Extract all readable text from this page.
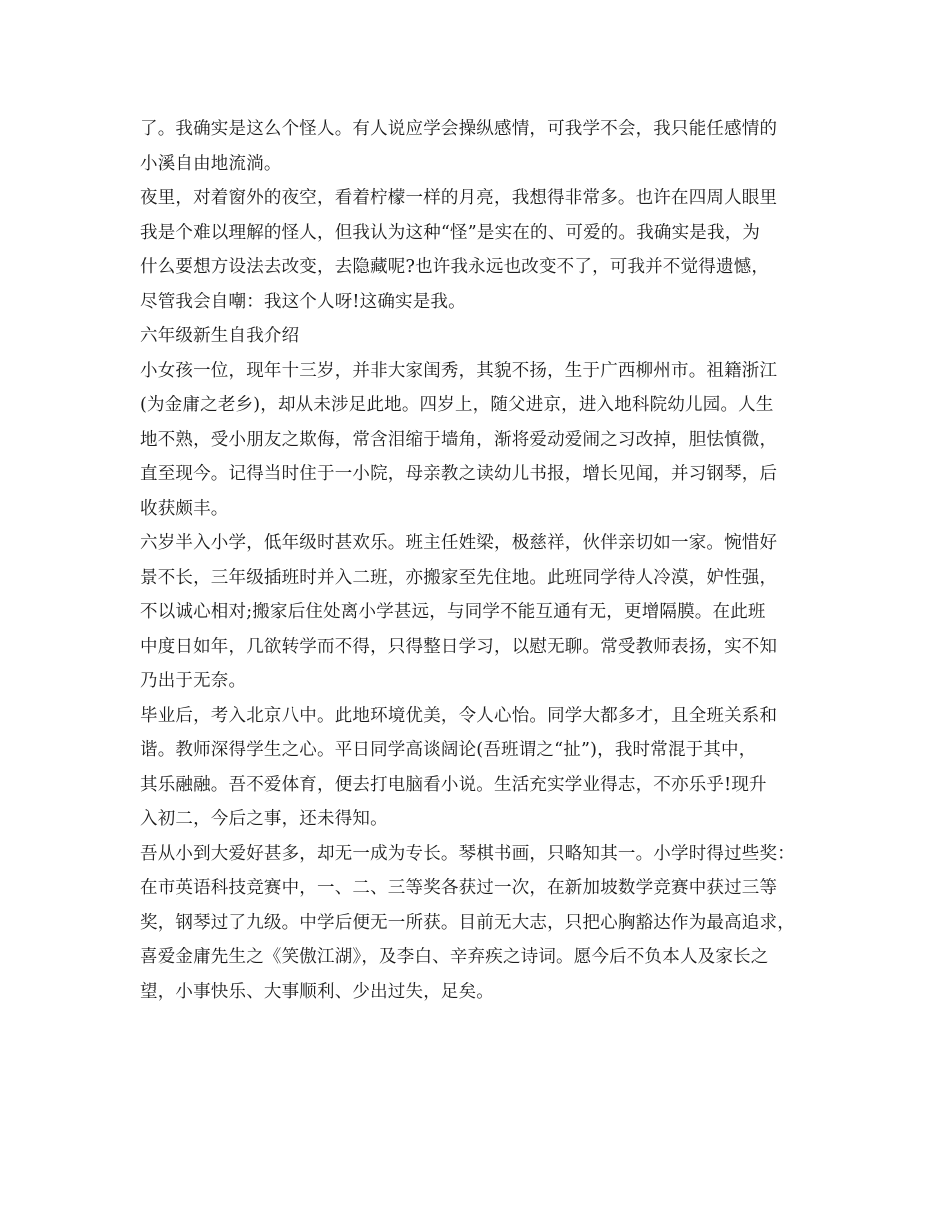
了。我确实是这么个怪人。有人说应学会操纵感情，可我学不会，我只能任感情的
小溪自由地流淌。
夜里，对着窗外的夜空，看着柠檬一样的月亮，我想得非常多。也许在四周人眼里
我是个难以理解的怪人，但我认为这种“怪”是实在的、可爱的。我确实是我，为
什么要想方设法去改变，去隐藏呢?也许我永远也改变不了，可我并不觉得遗憾，
尽管我会自嘲：我这个人呀!这确实是我。
六年级新生自我介绍
小女孩一位，现年十三岁，并非大家闺秀，其貌不扬，生于广西柳州市。祖籍浙江
(为金庸之老乡)，却从未涉足此地。四岁上，随父进京，进入地科院幼儿园。人生
地不熟，受小朋友之欺侮，常含泪缩于墙角，渐将爱动爱闹之习改掉，胆怯慎微，
直至现今。记得当时住于一小院，母亲教之读幼儿书报，增长见闻，并习钢琴，后
收获颇丰。
六岁半入小学，低年级时甚欢乐。班主任姓梁，极慈祥，伙伴亲切如一家。惋惜好
景不长，三年级插班时并入二班，亦搬家至先住地。此班同学待人冷漠，妒性强，
不以诚心相对;搬家后住处离小学甚远，与同学不能互通有无，更增隔膜。在此班
中度日如年，几欲转学而不得，只得整日学习，以慰无聊。常受教师表扬，实不知
乃出于无奈。
毕业后，考入北京八中。此地环境优美，令人心怡。同学大都多才，且全班关系和
谐。教师深得学生之心。平日同学高谈阔论(吾班谓之“扯”)，我时常混于其中，
其乐融融。吾不爱体育，便去打电脑看小说。生活充实学业得志，不亦乐乎!现升
入初二，今后之事，还未得知。
吾从小到大爱好甚多，却无一成为专长。琴棋书画，只略知其一。小学时得过些奖：
在市英语科技竞赛中，一、二、三等奖各获过一次，在新加坡数学竞赛中获过三等
奖，钢琴过了九级。中学后便无一所获。目前无大志，只把心胸豁达作为最高追求，
喜爱金庸先生之《笑傲江湖》，及李白、辛弃疾之诗词。愿今后不负本人及家长之
望，小事快乐、大事顺利、少出过失，足矣。
